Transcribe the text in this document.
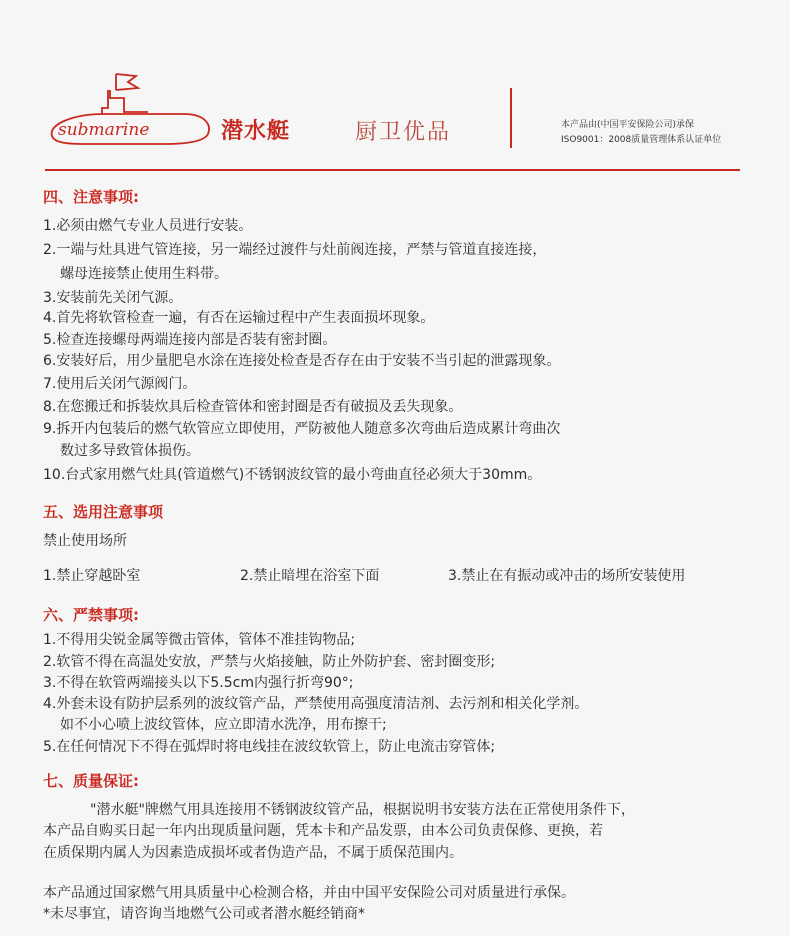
submarine	潜水艇	厨卫优品	本产品由(中国平安保险公司)承保
ISO9001：2008质量管理体系认证单位
四、注意事项:
1.必须由燃气专业人员进行安装。
2.一端与灶具进气管连接，另一端经过渡件与灶前阀连接，严禁与管道直接连接，
螺母连接禁止使用生料带。
3.安装前先关闭气源。
4.首先将软管检查一遍，有否在运输过程中产生表面损坏现象。
5.检查连接螺母两端连接内部是否装有密封圈。
6.安装好后，用少量肥皂水涂在连接处检查是否存在由于安装不当引起的泄露现象。
7.使用后关闭气源阀门。
8.在您搬迁和拆装炊具后检查管体和密封圈是否有破损及丢失现象。
9.拆开内包装后的燃气软管应立即使用，严防被他人随意多次弯曲后造成累计弯曲次
数过多导致管体损伤。
10.台式家用燃气灶具(管道燃气)不锈钢波纹管的最小弯曲直径必须大于30mm。
五、选用注意事项
禁止使用场所
1.禁止穿越卧室	2.禁止暗埋在浴室下面	3.禁止在有振动或冲击的场所安装使用
六、严禁事项:
1.不得用尖锐金属等微击管体，管体不准挂钩物品;
2.软管不得在高温处安放，严禁与火焰接触，防止外防护套、密封圈变形;
3.不得在软管两端接头以下5.5cm内强行折弯90°;
4.外套未设有防护层系列的波纹管产品，严禁使用高强度清洁剂、去污剂和相关化学剂。
如不小心喷上波纹管体，应立即清水洗净，用布擦干;
5.在任何情况下不得在弧焊时将电线挂在波纹软管上，防止电流击穿管体;
七、质量保证:
"潜水艇"牌燃气用具连接用不锈钢波纹管产品，根据说明书安装方法在正常使用条件下，
本产品自购买日起一年内出现质量问题，凭本卡和产品发票，由本公司负责保修、更换，若
在质保期内属人为因素造成损坏或者伪造产品，不属于质保范围内。
本产品通过国家燃气用具质量中心检测合格，并由中国平安保险公司对质量进行承保。
*未尽事宜，请咨询当地燃气公司或者潜水艇经销商*
